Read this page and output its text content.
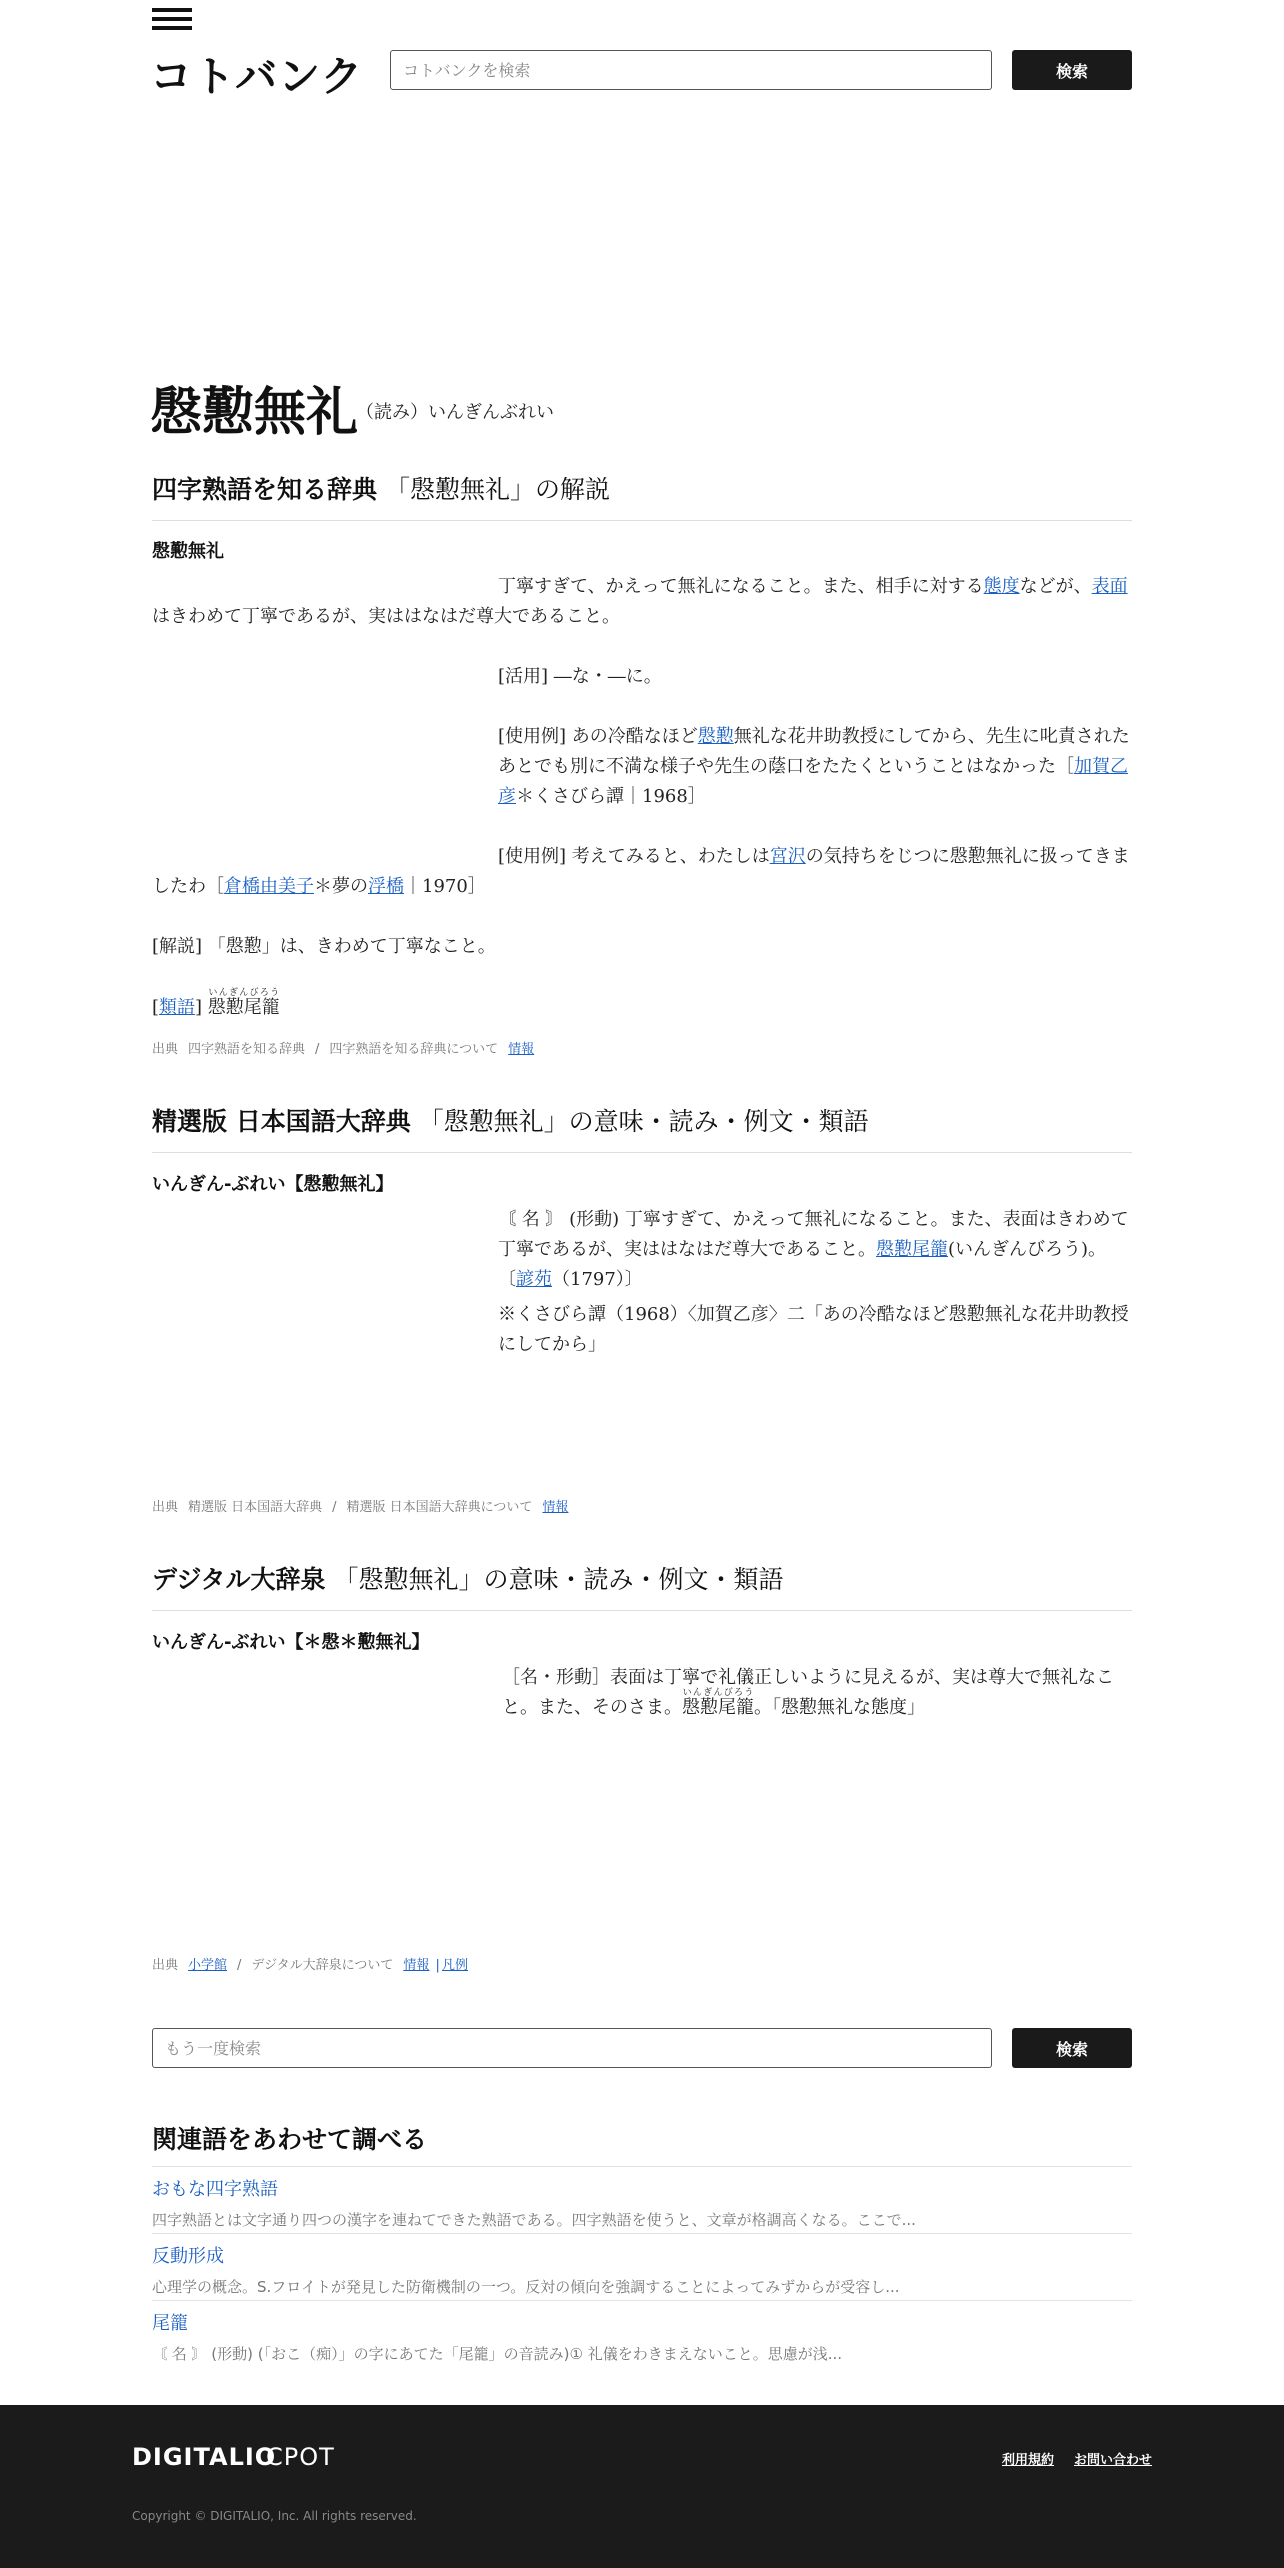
コトバンク
コトバンクを検索	検索
慇懃無礼
（読み）いんぎんぶれい
四字熟語を知る辞典 「慇懃無礼」の解説
慇懃無礼
丁寧すぎて、かえって無礼になること。また、相手に対する態度などが、表面はきわめて丁寧であるが、実ははなはだ尊大であること。
[活用] ―な・―に。
[使用例] あの冷酷なほど慇懃無礼な花井助教授にしてから、先生に叱責されたあとでも別に不満な様子や先生の蔭口をたたくということはなかった［加賀乙彦＊くさびら譚｜1968］
[使用例] 考えてみると、わたしは宮沢の気持ちをじつに慇懃無礼に扱ってきましたわ［倉橋由美子＊夢の浮橋｜1970］
[解説] 「慇懃」は、きわめて丁寧なこと。
[類語] 慇懃尾籠いんぎんびろう
出典 四字熟語を知る辞典 / 四字熟語を知る辞典について 情報
精選版 日本国語大辞典 「慇懃無礼」の意味・読み・例文・類語
いんぎん‐ぶれい【慇懃無礼】
〘 名 〙 (形動) 丁寧すぎて、かえって無礼になること。また、表面はきわめて丁寧であるが、実ははなはだ尊大であること。慇懃尾籠(いんぎんびろう)。〔諺苑（1797）〕
※くさびら譚（1968）〈加賀乙彦〉二「あの冷酷なほど慇懃無礼な花井助教授にしてから」
出典 精選版 日本国語大辞典 / 精選版 日本国語大辞典について 情報
デジタル大辞泉 「慇懃無礼」の意味・読み・例文・類語
いんぎん‐ぶれい【＊慇＊懃無礼】
［名・形動］表面は丁寧で礼儀正しいように見えるが、実は尊大で無礼なこと。また、そのさま。慇懃尾籠いんぎんびろう。「慇懃無礼な態度」
出典 小学館 / デジタル大辞泉について 情報 | 凡例
もう一度検索
検索
関連語をあわせて調べる
おもな四字熟語
四字熟語とは文字通り四つの漢字を連ねてできた熟語である。四字熟語を使うと、文章が格調高くなる。ここで...
反動形成
心理学の概念。S.フロイトが発見した防衛機制の一つ。反対の傾向を強調することによってみずからが受容し...
尾籠
〘 名 〙 (形動) (「おこ（痴）」の字にあてた「尾籠」の音読み)① 礼儀をわきまえないこと。思慮が浅...
DIGITALIO
CPOT	利用規約 お問い合わせ
Copyright © DIGITALIO, Inc. All rights reserved.
